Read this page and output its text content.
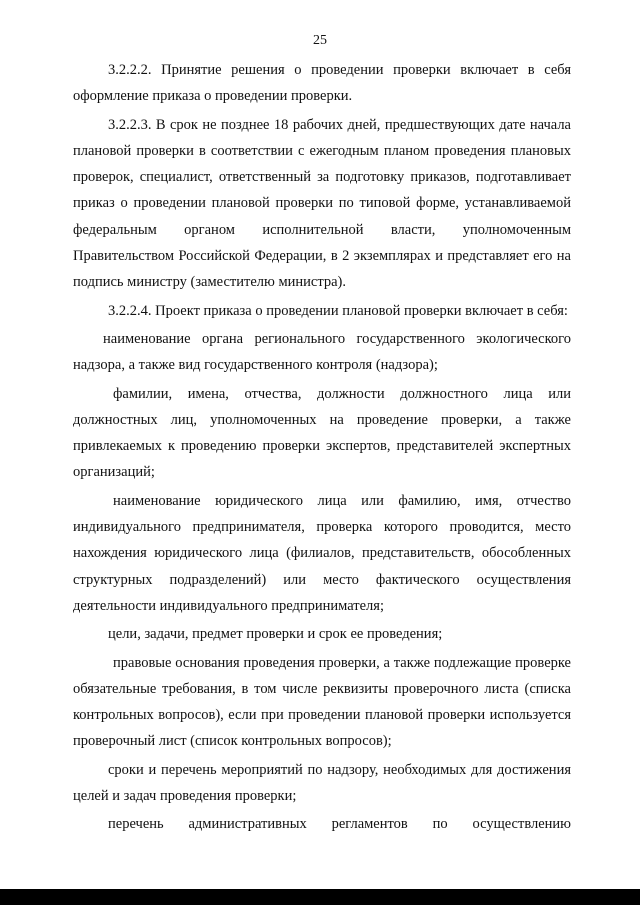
25

3.2.2.2. Принятие решения о проведении проверки включает в себя оформление приказа о проведении проверки.

3.2.2.3. В срок не позднее 18 рабочих дней, предшествующих дате начала плановой проверки в соответствии с ежегодным планом проведения плановых проверок, специалист, ответственный за подготовку приказов, подготавливает приказ о проведении плановой проверки по типовой форме, устанавливаемой федеральным органом исполнительной власти, уполномоченным Правительством Российской Федерации, в 2 экземплярах и представляет его на подпись министру (заместителю министра).

3.2.2.4. Проект приказа о проведении плановой проверки включает в себя:

наименование органа регионального государственного экологического надзора, а также вид государственного контроля (надзора);

фамилии, имена, отчества, должности должностного лица или должностных лиц, уполномоченных на проведение проверки, а также привлекаемых к проведению проверки экспертов, представителей экспертных организаций;

наименование юридического лица или фамилию, имя, отчество индивидуального предпринимателя, проверка которого проводится, место нахождения юридического лица (филиалов, представительств, обособленных структурных подразделений) или место фактического осуществления деятельности индивидуального предпринимателя;

цели, задачи, предмет проверки и срок ее проведения;

правовые основания проведения проверки, а также подлежащие проверке обязательные требования, в том числе реквизиты проверочного листа (списка контрольных вопросов), если при проведении плановой проверки используется проверочный лист (список контрольных вопросов);

сроки и перечень мероприятий по надзору, необходимых для достижения целей и задач проведения проверки;

перечень административных регламентов по осуществлению
